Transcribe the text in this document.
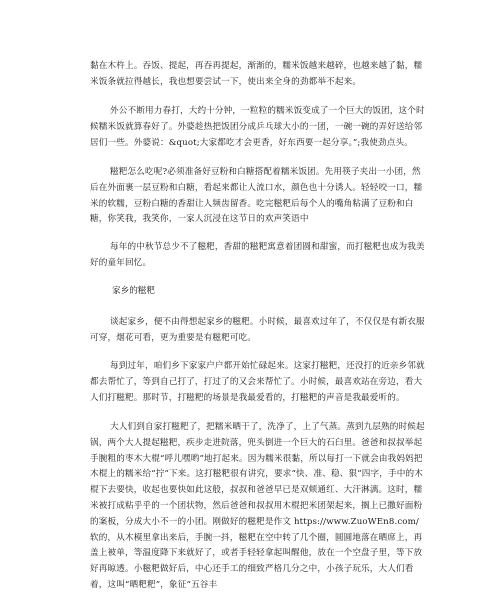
黏在木杵上。吞饭、提起，再吞再提起，渐渐的，糯米饭越来越碎，也越来越了黏，糯米饭条就拉得越长，我也想要尝试一下，使出来全身的劲都举不起来。

外公不断用力春打，大约十分钟，一粒粒的糯米饭变成了一个巨大的饭团，这个时候糯米饭就算春好了。外婆趁热把饭团分成乒乓球大小的一团，一碗一碗的弄好送给邻居们一些。外婆说：&quot;大家都吃才会更香，好东西要一起分享。”;我使劲点头。

糍粑怎么吃呢?必须准备好豆粉和白糖搭配着糯米饭团。先用筷子夹出一小团，然后在外面裹一层豆粉和白糖，看起来都让人流口水，颜色也十分诱人。轻轻咬一口，糯米的软糯，豆粉白糖的香甜让人频齿留香。吃完糍粑后每个人的嘴角粘满了豆粉和白糖，你笑我，我笑你，一家人沉浸在这节日的欢声笑语中

每年的中秋节总少不了糍粑，香甜的糍粑寓意着团圆和甜蜜，而打糍粑也成为我美好的童年回忆。

家乡的糍粑

谈起家乡，便不由得想起家乡的糍粑。小时候，最喜欢过年了，不仅仅是有新衣服可穿，烟花可看，更为重要是有糍粑可吃。

每到过年，咱们乡下家家户户都开始忙碌起来。这家打糍粑，还没打的近亲乡邻就都去帮忙了，等到自己打了，打过了的又会来帮忙了。小时候，最喜欢站在旁边，看大人们打糍粑。那时节，打糍粑的场景是我最爱看的，打糍粑的声音是我最爱听的。

大人们到自家打糍粑了，把糯米晒干了，洗净了，上了气蒸。蒸到九层熟的时候起锅，两个大人提起糍粑，疾步走进院落，兜头倒进一个巨大的石臼里。爸爸和叔叔举起手腕粗的枣木大棍“呼儿嘿哟”地打起来。因为糯米很黏，所以每打一下就会由我妈妈把木棍上的糯米给“拧”下来。这打糍粑很有讲究，要求“快、准、稳、狠”四字，手中的木棍下去要快，收起也要快如此这般，叔叔和爸爸早已是双颊通红、大汗淋漓。这时，糯米被打成粘乎乎的一个团状物，然后爸爸和叔叔用木棍把米团架起来，搁上已撒好面粉的案板，分成大小不一的小团。刚做好的糍粑是作文 https://www.ZuoWEn8.com/软的，从木模里拿出来后，手腕一抖，糍粑在空中转了几个圈，圆圆地落在晒席上，再盖上被单，等温度降下来就好了，或者手轻轻拿起叫醒他，放在一个空盘子里，等下放好再晾透。小糍粑做好后，中心还手工的细致严格几分之中，小孩子玩乐，大人们看着，这叫“晒粑粑”，象征“五谷丰
